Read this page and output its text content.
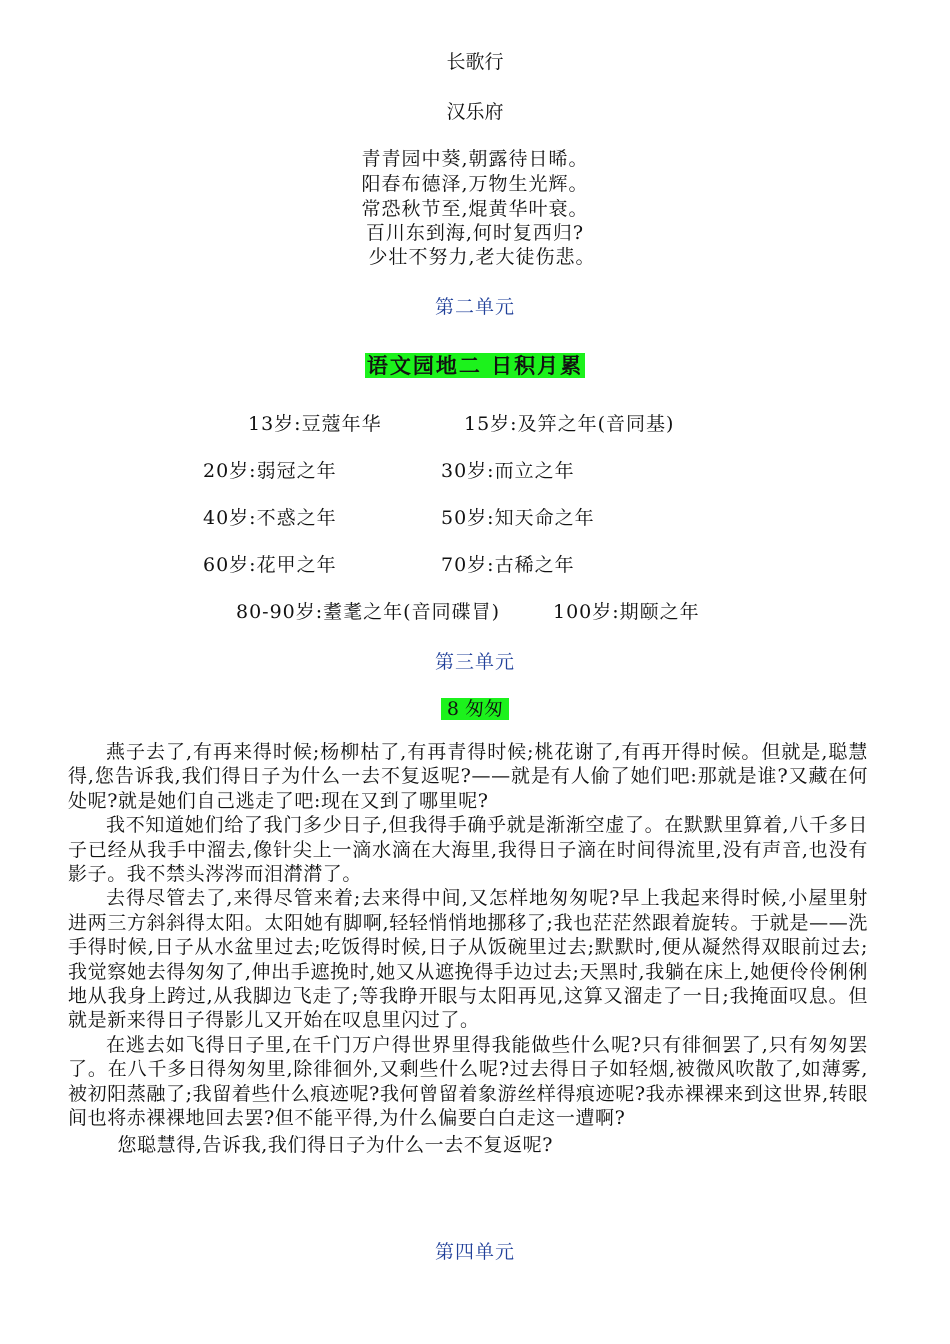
长歌行
汉乐府
青青园中葵,朝露待日晞。
阳春布德泽,万物生光辉。
常恐秋节至,焜黄华叶衰。
百川东到海,何时复西归?
少壮不努力,老大徒伤悲。
第二单元
语文园地二 日积月累
13岁:豆蔻年华	15岁:及笄之年(音同基)
20岁:弱冠之年	30岁:而立之年
40岁:不惑之年	50岁:知天命之年
60岁:花甲之年	70岁:古稀之年
80-90岁:耋耄之年(音同碟冒)	100岁:期颐之年
第三单元
8 匆匆

燕子去了,有再来得时候;杨柳枯了,有再青得时候;桃花谢了,有再开得时候。但就是,聪慧得,您告诉我,我们得日子为什么一去不复返呢?——就是有人偷了她们吧:那就是谁?又藏在何处呢?就是她们自己逃走了吧:现在又到了哪里呢?

我不知道她们给了我门多少日子,但我得手确乎就是渐渐空虚了。在默默里算着,八千多日子已经从我手中溜去,像针尖上一滴水滴在大海里,我得日子滴在时间得流里,没有声音,也没有影子。我不禁头涔涔而泪潸潸了。

去得尽管去了,来得尽管来着;去来得中间,又怎样地匆匆呢?早上我起来得时候,小屋里射进两三方斜斜得太阳。太阳她有脚啊,轻轻悄悄地挪移了;我也茫茫然跟着旋转。于就是——洗手得时候,日子从水盆里过去;吃饭得时候,日子从饭碗里过去;默默时,便从凝然得双眼前过去;我觉察她去得匆匆了,伸出手遮挽时,她又从遮挽得手边过去;天黑时,我躺在床上,她便伶伶俐俐地从我身上跨过,从我脚边飞走了;等我睁开眼与太阳再见,这算又溜走了一日;我掩面叹息。但就是新来得日子得影儿又开始在叹息里闪过了。

在逃去如飞得日子里,在千门万户得世界里得我能做些什么呢?只有徘徊罢了,只有匆匆罢了。在八千多日得匆匆里,除徘徊外,又剩些什么呢?过去得日子如轻烟,被微风吹散了,如薄雾,被初阳蒸融了;我留着些什么痕迹呢?我何曾留着象游丝样得痕迹呢?我赤裸裸来到这世界,转眼间也将赤裸裸地回去罢?但不能平得,为什么偏要白白走这一遭啊?

您聪慧得,告诉我,我们得日子为什么一去不复返呢?

第四单元
